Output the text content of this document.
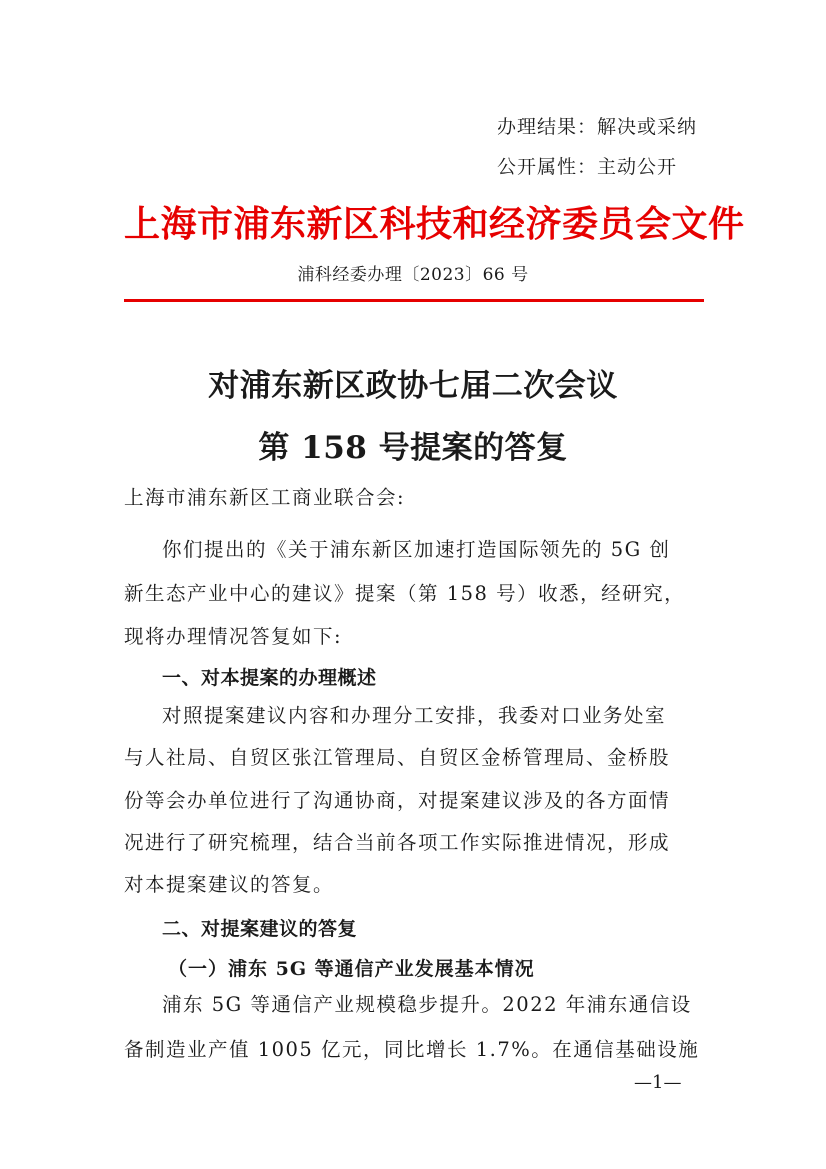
办理结果：解决或采纳
公开属性：主动公开
上海市浦东新区科技和经济委员会文件
浦科经委办理〔2023〕66 号
对浦东新区政协七届二次会议
第 158 号提案的答复
上海市浦东新区工商业联合会:
你们提出的《关于浦东新区加速打造国际领先的 5G 创
新生态产业中心的建议》提案（第 158 号）收悉，经研究，
现将办理情况答复如下:
一、对本提案的办理概述
对照提案建议内容和办理分工安排，我委对口业务处室
与人社局、自贸区张江管理局、自贸区金桥管理局、金桥股
份等会办单位进行了沟通协商，对提案建议涉及的各方面情
况进行了研究梳理，结合当前各项工作实际推进情况，形成
对本提案建议的答复。
二、对提案建议的答复
（一）浦东 5G 等通信产业发展基本情况
浦东 5G 等通信产业规模稳步提升。2022 年浦东通信设
备制造业产值 1005 亿元，同比增长 1.7%。在通信基础设施
—1—
